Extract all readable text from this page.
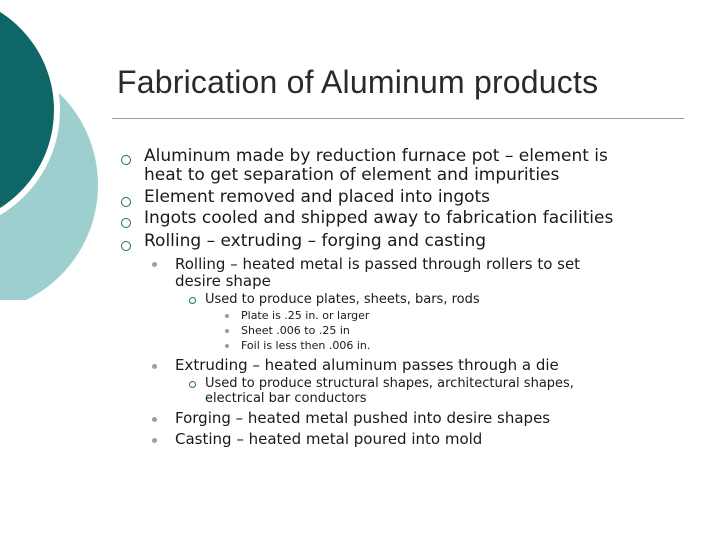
Fabrication of Aluminum products
Aluminum made by reduction furnace pot – element is
heat to get separation of element and impurities
Element removed and placed into ingots
Ingots cooled and shipped away to fabrication facilities
Rolling – extruding – forging and casting
Rolling – heated metal is passed through rollers to set
desire shape
Used to produce plates, sheets, bars, rods
Plate is .25 in. or larger
Sheet .006 to .25 in
Foil is less then .006 in.
Extruding – heated aluminum passes through a die
Used to produce structural shapes, architectural shapes,
electrical bar conductors
Forging – heated metal pushed into desire shapes
Casting – heated metal poured into mold
